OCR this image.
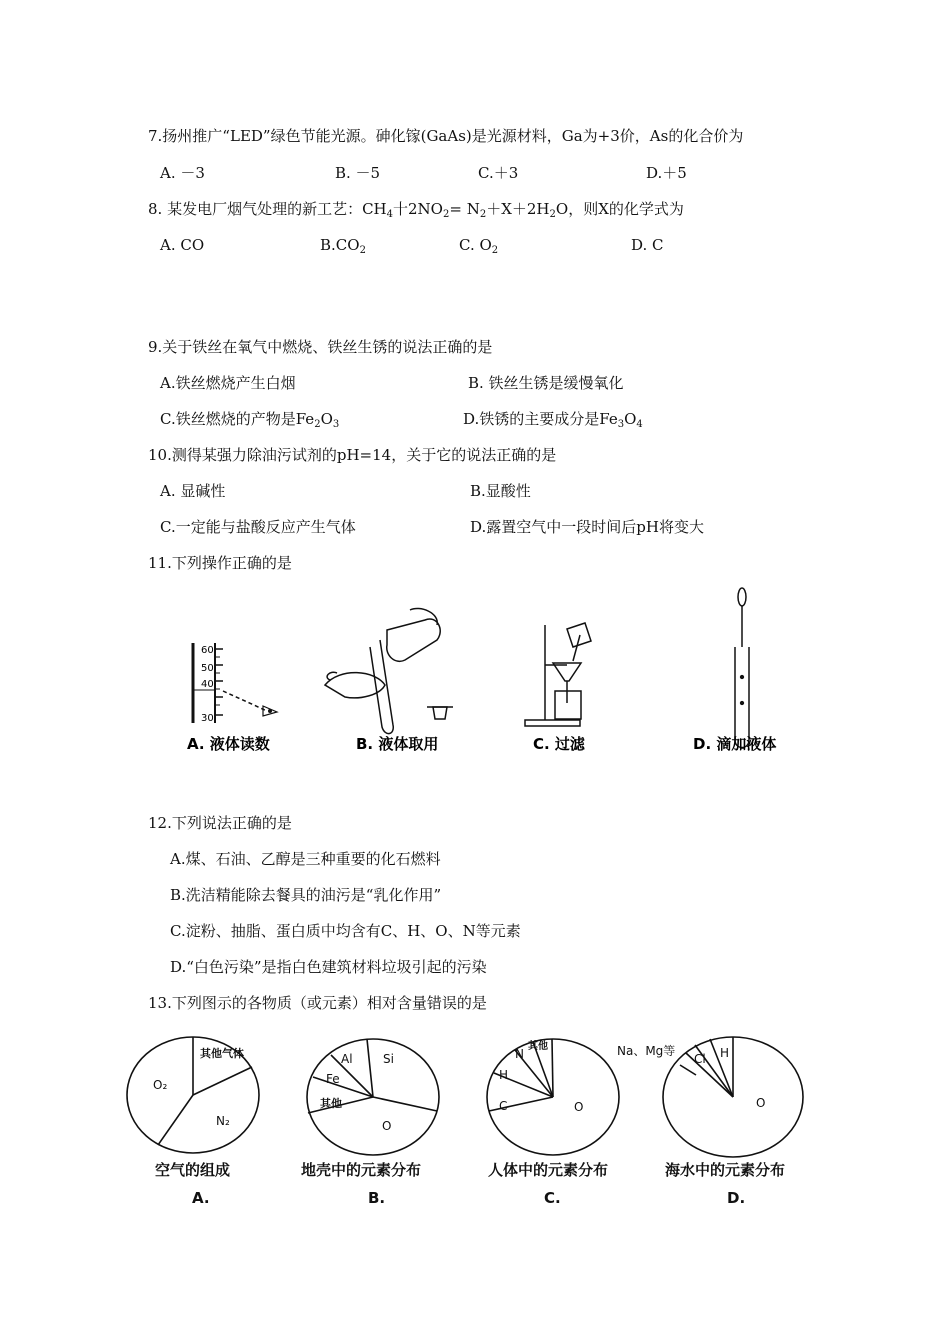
7.扬州推广“LED”绿色节能光源。砷化镓(GaAs)是光源材料，Ga为+3价，As的化合价为
A. －3	B. －5	C.＋3	D.＋5
8. 某发电厂烟气处理的新工艺：$CH_4$十$2NO_2= N_2+X+2H_2O$，则X的化学式为
A. CO	$B.CO_2$	C. $O_2$	D. C
9.关于铁丝在氧气中燃烧、铁丝生锈的说法正确的是
A.铁丝燃烧产生白烟	B. 铁丝生锈是缓慢氧化
C.铁丝燃烧的产物是$Fe_2O_3$	D.铁锈的主要成分是$Fe_3O_4$
10.测得某强力除油污试剂的pH=14，关于它的说法正确的是
A. 显碱性	B.显酸性
C.一定能与盐酸反应产生气体	D.露置空气中一段时间后pH将变大
11.下列操作正确的是
60
50
40
30
A. 液体读数	B. 液体取用	C. 过滤	D. 滴加液体
12.下列说法正确的是
A.煤、石油、乙醇是三种重要的化石燃料
B.洗洁精能除去餐具的油污是“乳化作用”
C.淀粉、抽脂、蛋白质中均含有C、H、O、N等元素
D.“白色污染”是指白色建筑材料垃圾引起的污染
13.下列图示的各物质（或元素）相对含量错误的是
其他气体
O₂
N₂
Al	Si
Fe
其他
O
N
其他
H
C	O
Na、Mg等
Cl H
O
空气的组成	地壳中的元素分布	人体中的元素分布	海水中的元素分布
A.	B.	C.	D.
